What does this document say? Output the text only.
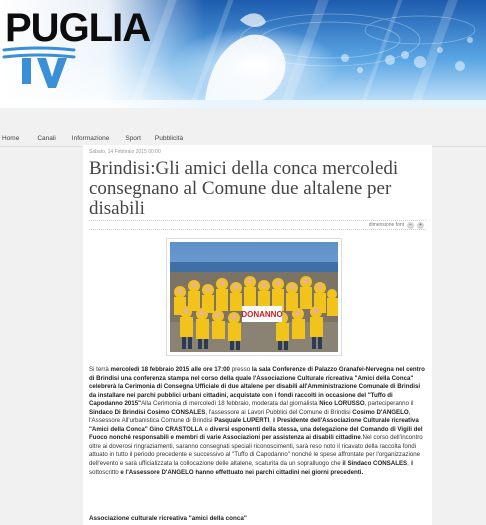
PUGLIA
Home	Canali	Informazione	Sport	Pubblicità
Sabato, 14 Febbraio 2015 00:00
Brindisi:Gli amici della conca mercoledi consegnano al Comune due altalene per disabili
dimensione font	−	+
DONANNO
Si terrà mercoledì 18 febbraio 2015 alle ore 17:00 presso la sala Conferenze di Palazzo Granafei-Nervegna nel centro di Brindisi una conferenza stampa nel corso della quale l'Associazione Culturale ricreativa "Amici della Conca" celebrerà la Cerimonia di Consegna Ufficiale di due altalene per disabili all'Amministrazione Comunale di Brindisi da installare nei parchi pubblici urbani cittadini, acquistate con i fondi raccolti in occasione del "Tuffo di Capodanno 2015"Alla Cerimonia di mercoledì 18 febbraio, moderata dal giornalista Nico LORUSSO, parteciperanno il Sindaco Di Brindisi Cosimo CONSALES, l'assessore ai Lavori Pubblici del Comune di Brindisi Cosimo D'ANGELO, l'Assessore All'urbanistica Comune di Brindisi Pasquale LUPERTI, il Presidente dell'Associazione Culturale ricreativa "Amici della Conca" Gino CRASTOLLA e diversi esponenti della stessa, una delegazione del Comando di Vigili del Fuoco nonché responsabili e membri di varie Associazioni per assistenza ai disabili cittadine.Nel corso dell'incontro oltre ai doverosi ringraziamenti, saranno consegnati speciali riconoscimenti, sarà reso noto il ricavato della raccolta fondi attuato in tutto il periodo precedente e successivo al "Tuffo di Capodanno" nonché le spese affrontate per l'organizzazione dell'evento e sarà ufficializzata la collocazione delle altalene, scaturita da un sopralluogo che il Sindaco CONSALES, il sottoscritto e l'Assessore D'ANGELO hanno effettuato nei parchi cittadini nei giorni precedenti.
Associazione culturale ricreativa "amici della conca"
